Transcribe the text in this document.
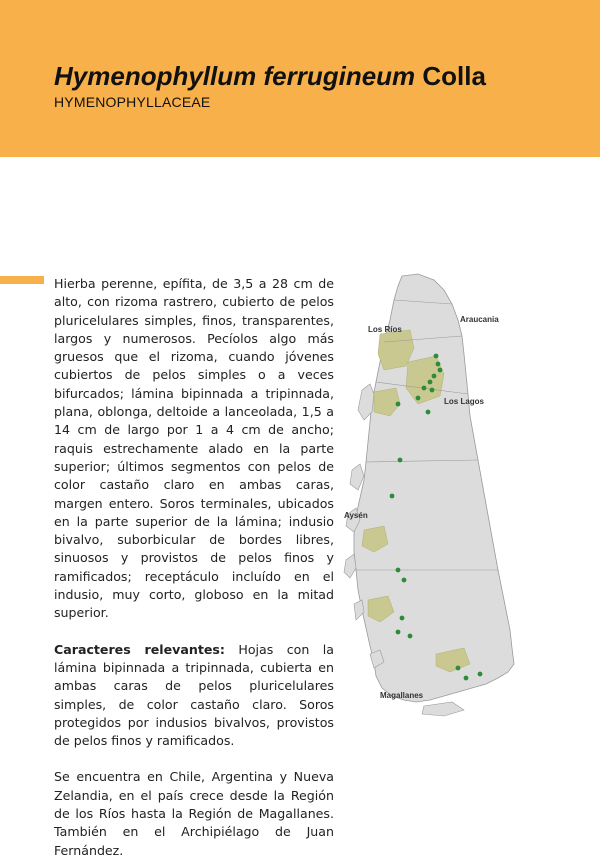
Hymenophyllum ferrugineum Colla
HYMENOPHYLLACEAE

Hierba perenne, epífita, de 3,5 a 28 cm de alto, con rizoma rastrero, cubierto de pelos pluricelulares simples, finos, transparentes, largos y numerosos. Pecíolos algo más gruesos que el rizoma, cuando jóvenes cubiertos de pelos simples o a veces bifurcados; lámina bipinnada a tripinnada, plana, oblonga, deltoide a lanceolada, 1,5 a 14 cm de largo por 1 a 4 cm de ancho; raquis estrechamente alado en la parte superior; últimos segmentos con pelos de color castaño claro en ambas caras, margen entero. Soros terminales, ubicados en la parte superior de la lámina; indusio bivalvo, suborbicular de bordes libres, sinuosos y provistos de pelos finos y ramificados; receptáculo incluído en el indusio, muy corto, globoso en la mitad superior.

Caracteres relevantes: Hojas con la lámina bipinnada a tripinnada, cubierta en ambas caras de pelos pluricelulares simples, de color castaño claro. Soros protegidos por indusios bivalvos, provistos de pelos finos y ramificados.

Se encuentra en Chile, Argentina y Nueva Zelandia, en el país crece desde la Región de los Ríos hasta la Región de Magallanes. También en el Archipiélago de Juan Fernández.

Araucania
Los Ríos
Los Lagos
Aysén
Magallanes
